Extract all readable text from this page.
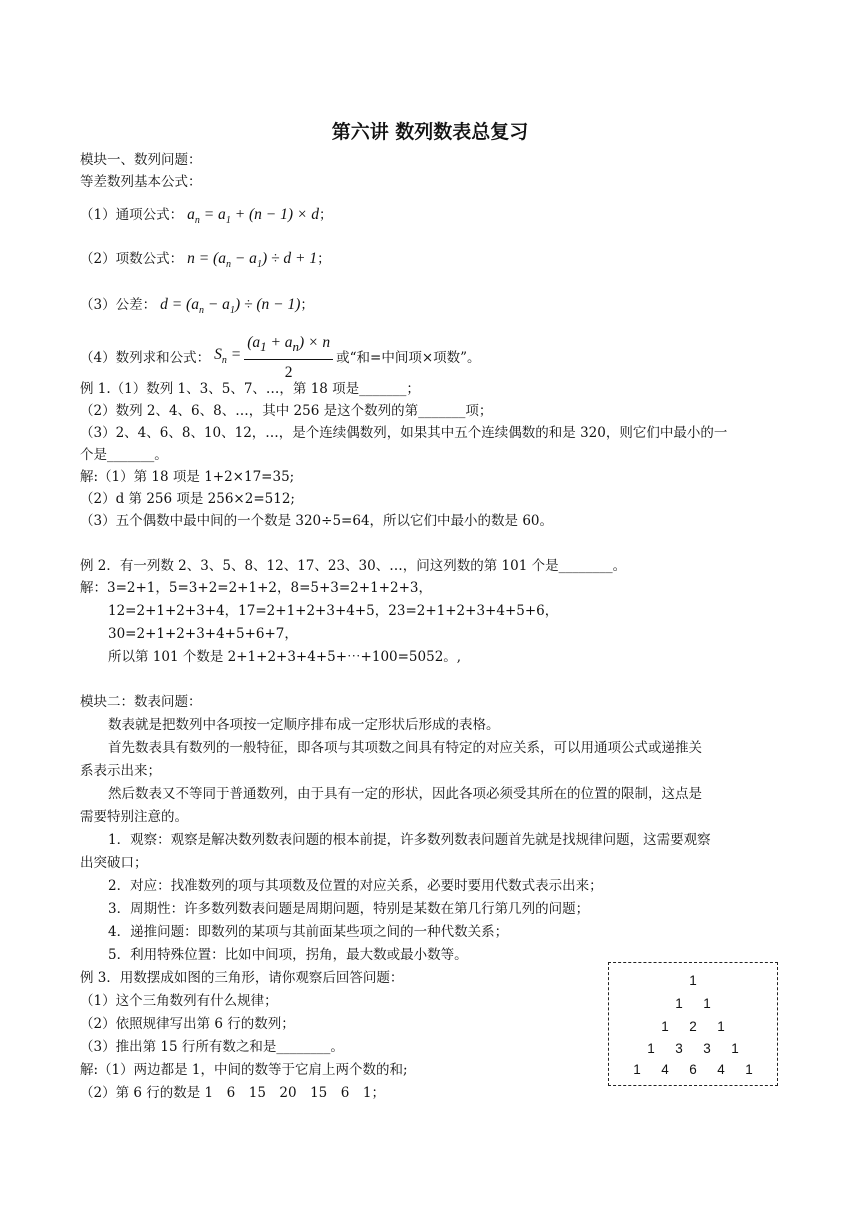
第六讲 数列数表总复习
模块一、数列问题：
等差数列基本公式：
（1）通项公式： $a_n = a_1 + (n - 1) \times d$；
（2）项数公式： $n = (a_n - a_1) \div d + 1$；
（3）公差： $d = (a_n - a_1) \div (n - 1)$；
（4）数列求和公式： $S_n = \frac{(a_1 + a_n) \times n}{2}$ 或“和=中间项×项数”。
例 1.（1）数列 1、3、5、7、…，第 18 项是_______；
（2）数列 2、4、6、8、…，其中 256 是这个数列的第_______项；
（3）2、4、6、8、10、12，…，是个连续偶数列，如果其中五个连续偶数的和是 320，则它们中最小的一
个是_______。
解:（1）第 18 项是 1+2×17=35;
（2）d 第 256 项是 256×2=512;
（3）五个偶数中最中间的一个数是 320÷5=64，所以它们中最小的数是 60。
例 2．有一列数 2、3、5、8、12、17、23、30、…，问这列数的第 101 个是________。
解：3=2+1，5=3+2=2+1+2，8=5+3=2+1+2+3，
12=2+1+2+3+4，17=2+1+2+3+4+5，23=2+1+2+3+4+5+6，
30=2+1+2+3+4+5+6+7，
所以第 101 个数是 2+1+2+3+4+5+⋯+100=5052。,
模块二：数表问题：
数表就是把数列中各项按一定顺序排布成一定形状后形成的表格。
首先数表具有数列的一般特征，即各项与其项数之间具有特定的对应关系，可以用通项公式或递推关
系表示出来；
然后数表又不等同于普通数列，由于具有一定的形状，因此各项必须受其所在的位置的限制，这点是
需要特别注意的。
1．观察：观察是解决数列数表问题的根本前提，许多数列数表问题首先就是找规律问题，这需要观察
出突破口；
2．对应：找准数列的项与其项数及位置的对应关系，必要时要用代数式表示出来；
3．周期性：许多数列数表问题是周期问题，特别是某数在第几行第几列的问题；
4．递推问题：即数列的某项与其前面某些项之间的一种代数关系；
5．利用特殊位置：比如中间项，拐角，最大数或最小数等。
例 3．用数摆成如图的三角形，请你观察后回答问题：
（1）这个三角数列有什么规律；
（2）依照规律写出第 6 行的数列；
（3）推出第 15 行所有数之和是________。
解:（1）两边都是 1，中间的数等于它肩上两个数的和;
（2）第 6 行的数是 1　6　15　20　15　6　1；
1
1 1
1 2 1
1 3 3 1
1 4 6 4 1
